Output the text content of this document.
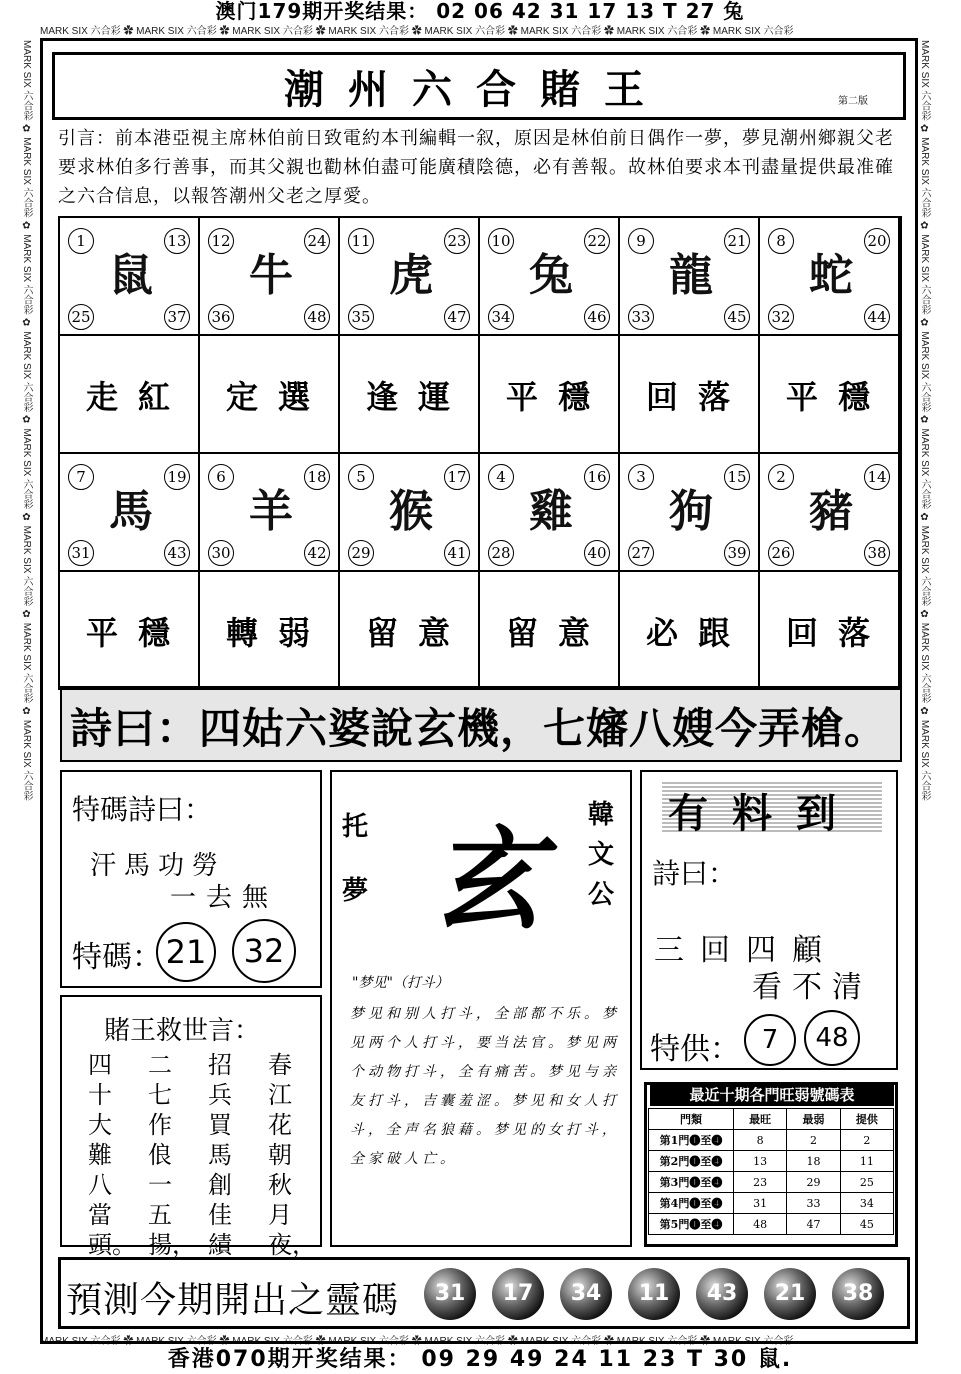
澳门179期开奖结果： 02 06 42 31 17 13 T 27 兔
香港070期开奖结果： 09 29 49 24 11 23 T 30 鼠.
MARK SIX 六合彩 ✿ MARK SIX 六合彩 ✿ MARK SIX 六合彩 ✿ MARK SIX 六合彩 ✿ MARK SIX 六合彩 ✿ MARK SIX 六合彩 ✿ MARK SIX 六合彩 ✿ MARK SIX 六合彩
MARK SIX 六合彩 ✿ MARK SIX 六合彩 ✿ MARK SIX 六合彩 ✿ MARK SIX 六合彩 ✿ MARK SIX 六合彩 ✿ MARK SIX 六合彩 ✿ MARK SIX 六合彩 ✿ MARK SIX 六合彩
MARK SIX 六合彩 ✿ MARK SIX 六合彩 ✿ MARK SIX 六合彩 ✿ MARK SIX 六合彩 ✿ MARK SIX 六合彩 ✿ MARK SIX 六合彩 ✿ MARK SIX 六合彩 ✿ MARK SIX 六合彩
MARK SIX 六合彩 ✿ MARK SIX 六合彩 ✿ MARK SIX 六合彩 ✿ MARK SIX 六合彩 ✿ MARK SIX 六合彩 ✿ MARK SIX 六合彩 ✿ MARK SIX 六合彩 ✿ MARK SIX 六合彩
潮州六合賭王	第二版
引言：前本港亞視主席林伯前日致電約本刊編輯一叙，原因是林伯前日偶作一夢，夢見潮州鄉親父老要求林伯多行善事，而其父親也勸林伯盡可能廣積陰德，必有善報。故林伯要求本刊盡量提供最准確之六合信息，以報答潮州父老之厚愛。
1	13
25	37
鼠
走紅
12	24
36	48
牛
定選
11	23
35	47
虎
逢運
10	22
34	46
兔
平穩
9	21
33	45
龍
回落
8	20
32	44
蛇
平穩
7	19
31	43
馬
平穩
6	18
30	42
羊
轉弱
5	17
29	41
猴
留意
4	16
28	40
雞
留意
3	15
27	39
狗
必跟
2	14
26	38
豬
回落
詩曰：四姑六婆說玄機，七嬸八嫂今弄槍。
特碼詩曰：
汗馬功勞
一去無
特碼： 21	32
賭王救世言：
春江花朝秋月夜，
招兵買馬創佳績
二七作俍一五揚，
四十大難八當頭。
托夢 玄 韓文公
"梦见"（打斗）
梦见和别人打斗，全部都不乐。梦见两个人打斗，要当法官。梦见两个动物打斗，全有痛苦。梦见与亲友打斗，吉囊羞涩。梦见和女人打斗，全声名狼藉。梦见的女打斗，全家破人亡。
有料到
詩曰：
三回四顧
看不清
特供： 7	48
最近十期各門旺弱號碼表
門類	最旺	最弱	提供
第1門❶至❹	8	2	2
第2門❶至❹	13	18	11
第3門❶至❹	23	29	25
第4門❶至❹	31	33	34
第5門❶至❹	48	47	45
預測今期開出之靈碼	31	17	34	11	43	21	38
